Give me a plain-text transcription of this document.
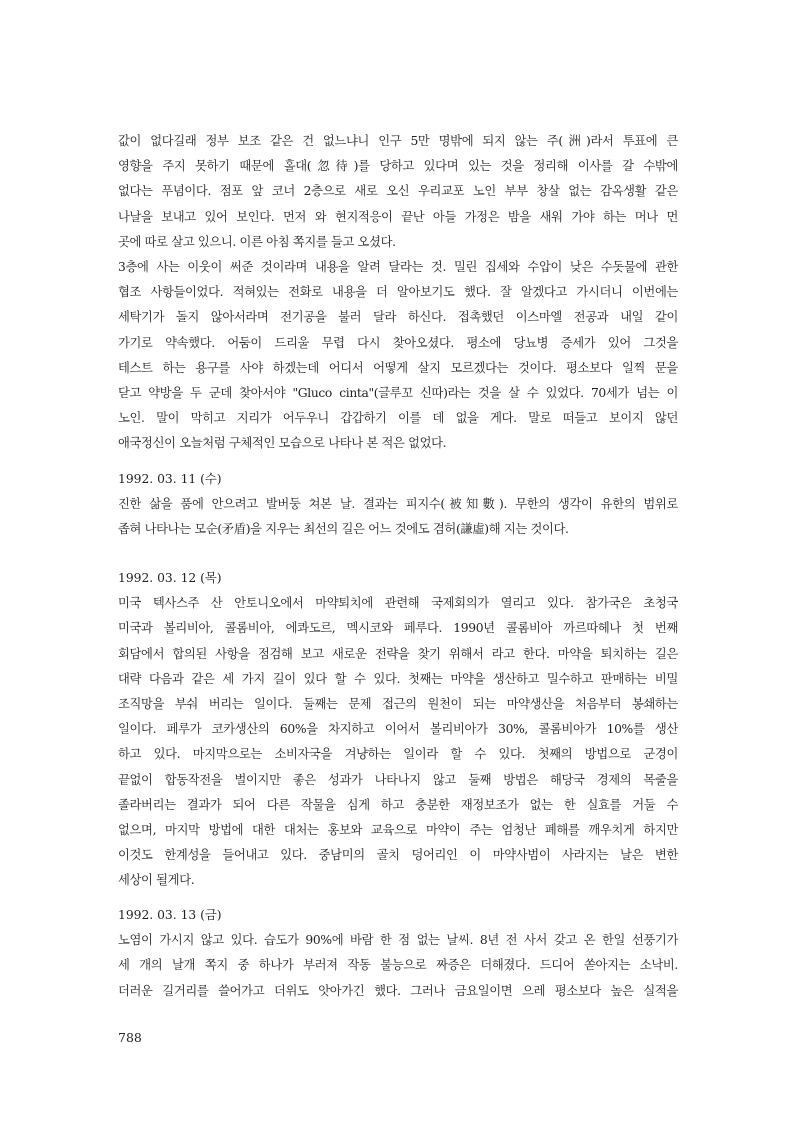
값이 없다길래 정부 보조 같은 건 없느냐니 인구 5만 명밖에 되지 않는 주(洲)라서 투표에 큰
영향을 주지 못하기 때문에 홀대(忽待)를 당하고 있다며 있는 것을 정리해 이사를 갈 수밖에
없다는 푸념이다. 점포 앞 코너 2층으로 새로 오신 우리교포 노인 부부 창살 없는 감옥생활 같은
나날을 보내고 있어 보인다. 먼저 와 현지적응이 끝난 아들 가정은 밤을 새워 가야 하는 머나 먼
곳에 따로 살고 있으니. 이른 아침 쪽지를 들고 오셨다.
3층에 사는 이웃이 써준 것이라며 내용을 알려 달라는 것. 밀린 집세와 수압이 낮은 수돗물에 관한
협조 사항들이었다. 적혀있는 전화로 내용을 더 알아보기도 했다. 잘 알겠다고 가시더니 이번에는
세탁기가 돌지 않아서라며 전기공을 불러 달라 하신다. 접촉했던 이스마엘 전공과 내일 같이
가기로 약속했다. 어둠이 드리울 무렵 다시 찾아오셨다. 평소에 당뇨병 증세가 있어 그것을
테스트 하는 용구를 사야 하겠는데 어디서 어떻게 살지 모르겠다는 것이다. 평소보다 일찍 문을
닫고 약방을 두 군데 찾아서야 "Gluco cinta"(글루꼬 신따)라는 것을 살 수 있었다. 70세가 넘는 이
노인. 말이 막히고 지리가 어두우니 갑갑하기 이를 데 없을 게다. 말로 떠들고 보이지 않던
애국정신이 오늘처럼 구체적인 모습으로 나타나 본 적은 없었다.
1992. 03. 11 (수)
진한 삶을 품에 안으려고 발버둥 쳐본 날. 결과는 피지수(被知數). 무한의 생각이 유한의 범위로
좁혀 나타나는 모순(矛盾)을 지우는 최선의 길은 어느 것에도 겸허(謙虛)해 지는 것이다.
1992. 03. 12 (목)
미국 텍사스주 산 안토니오에서 마약퇴치에 관련해 국제회의가 열리고 있다. 참가국은 초청국
미국과 볼리비아, 콜롬비아, 에콰도르, 멕시코와 페루다. 1990년 콜롬비아 까르따헤나 첫 번째
회담에서 합의된 사항을 점검해 보고 새로운 전략을 찾기 위해서 라고 한다. 마약을 퇴치하는 길은
대략 다음과 같은 세 가지 길이 있다 할 수 있다. 첫째는 마약을 생산하고 밀수하고 판매하는 비밀
조직망을 부숴 버리는 일이다. 둘째는 문제 접근의 원천이 되는 마약생산을 처음부터 봉쇄하는
일이다. 페루가 코카생산의 60%을 차지하고 이어서 볼리비아가 30%, 콜롬비아가 10%를 생산
하고 있다. 마지막으로는 소비자국을 겨냥하는 일이라 할 수 있다. 첫째의 방법으로 군경이
끝없이 합동작전을 벌이지만 좋은 성과가 나타나지 않고 둘째 방법은 해당국 경제의 목줄을
졸라버리는 결과가 되어 다른 작물을 심게 하고 충분한 재정보조가 없는 한 실효를 거둘 수
없으며, 마지막 방법에 대한 대처는 홍보와 교육으로 마약이 주는 엄청난 폐해를 깨우치게 하지만
이것도 한계성을 들어내고 있다. 중남미의 골치 덩어리인 이 마약사범이 사라지는 날은 변한
세상이 될게다.
1992. 03. 13 (금)
노염이 가시지 않고 있다. 습도가 90%에 바람 한 점 없는 날씨. 8년 전 사서 갖고 온 한일 선풍기가
세 개의 날개 쪽지 중 하나가 부러져 작동 불능으로 짜증은 더해졌다. 드디어 쏟아지는 소낙비.
더러운 길거리를 쓸어가고 더위도 앗아가긴 했다. 그러나 금요일이면 으레 평소보다 높은 실적을
788
